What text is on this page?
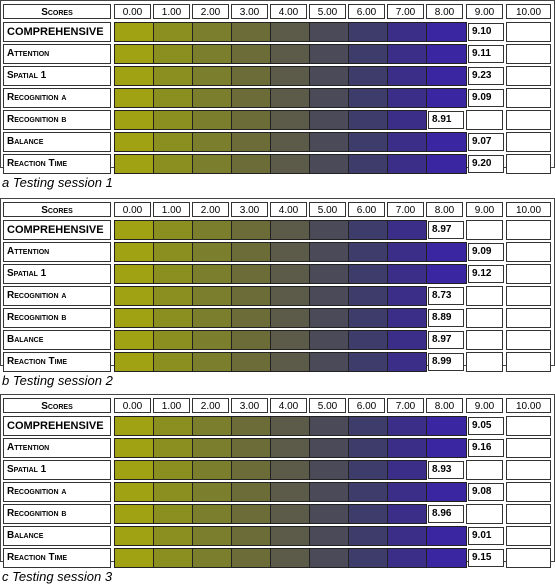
Scores	0.00	1.00	2.00	3.00	4.00	5.00	6.00	7.00	8.00	9.00	10.00
COMPREHENSIVE	9.10
Attention	9.11
Spatial 1	9.23
Recognition a	9.09
Recognition b	8.91
Balance	9.07
Reaction Time	9.20
a Testing session 1
Scores	0.00	1.00	2.00	3.00	4.00	5.00	6.00	7.00	8.00	9.00	10.00
COMPREHENSIVE	8.97
Attention	9.09
Spatial 1	9.12
Recognition a	8.73
Recognition b	8.89
Balance	8.97
Reaction Time	8.99
b Testing session 2
Scores	0.00	1.00	2.00	3.00	4.00	5.00	6.00	7.00	8.00	9.00	10.00
COMPREHENSIVE	9.05
Attention	9.16
Spatial 1	8.93
Recognition a	9.08
Recognition b	8.96
Balance	9.01
Reaction Time	9.15
c Testing session 3
